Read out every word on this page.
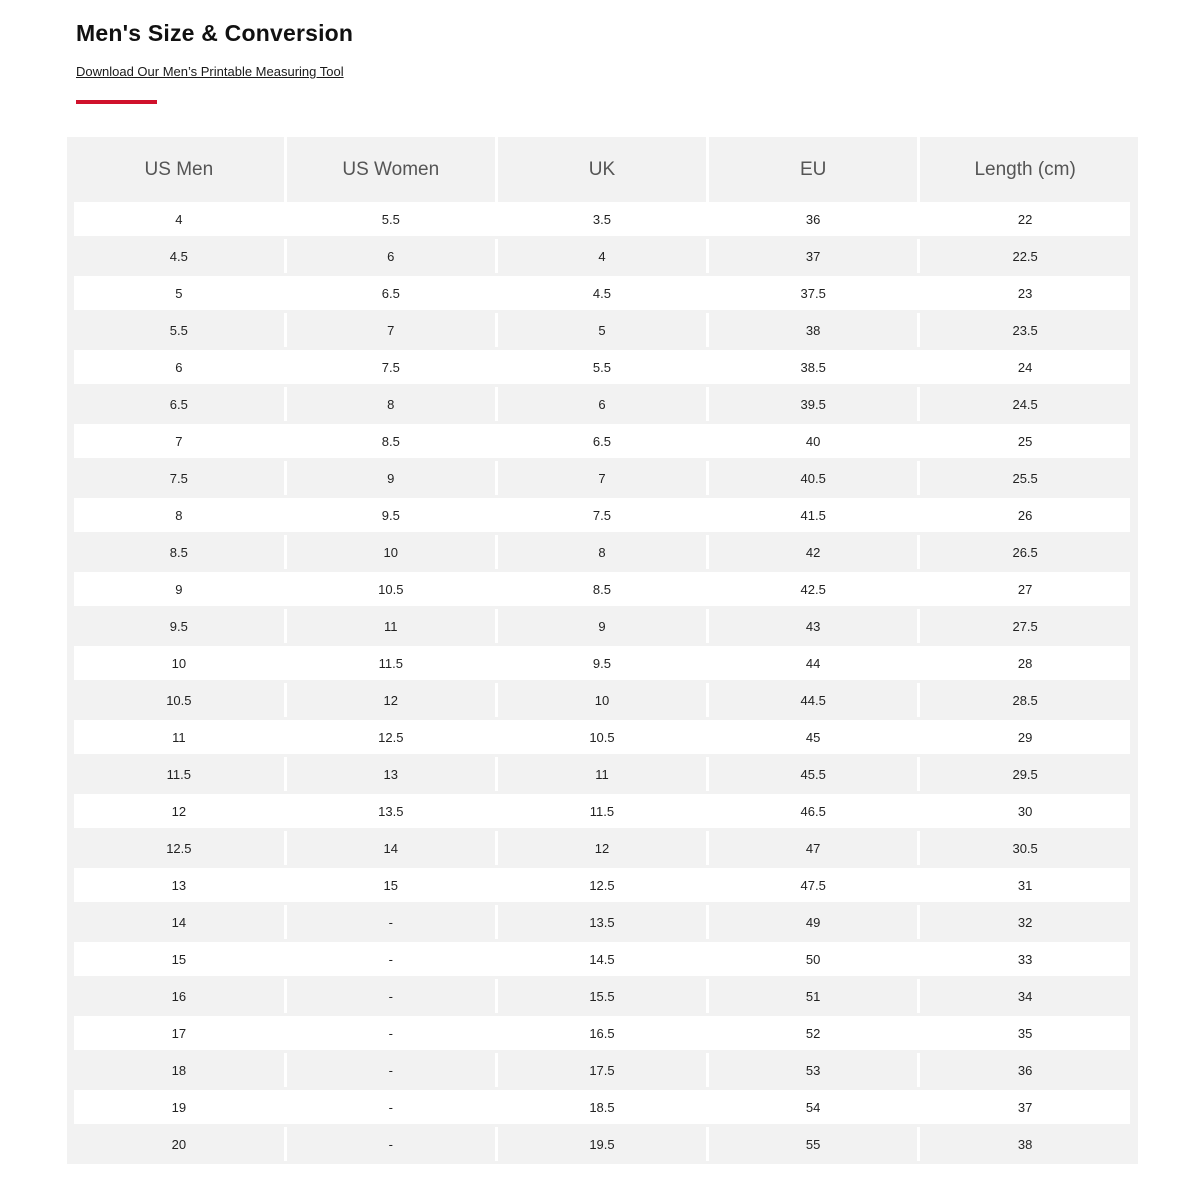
Men's Size & Conversion
Download Our Men’s Printable Measuring Tool
US Men	US Women	UK	EU	Length (cm)
4	5.5	3.5	36	22
4.5	6	4	37	22.5
5	6.5	4.5	37.5	23
5.5	7	5	38	23.5
6	7.5	5.5	38.5	24
6.5	8	6	39.5	24.5
7	8.5	6.5	40	25
7.5	9	7	40.5	25.5
8	9.5	7.5	41.5	26
8.5	10	8	42	26.5
9	10.5	8.5	42.5	27
9.5	11	9	43	27.5
10	11.5	9.5	44	28
10.5	12	10	44.5	28.5
11	12.5	10.5	45	29
11.5	13	11	45.5	29.5
12	13.5	11.5	46.5	30
12.5	14	12	47	30.5
13	15	12.5	47.5	31
14	-	13.5	49	32
15	-	14.5	50	33
16	-	15.5	51	34
17	-	16.5	52	35
18	-	17.5	53	36
19	-	18.5	54	37
20	-	19.5	55	38
